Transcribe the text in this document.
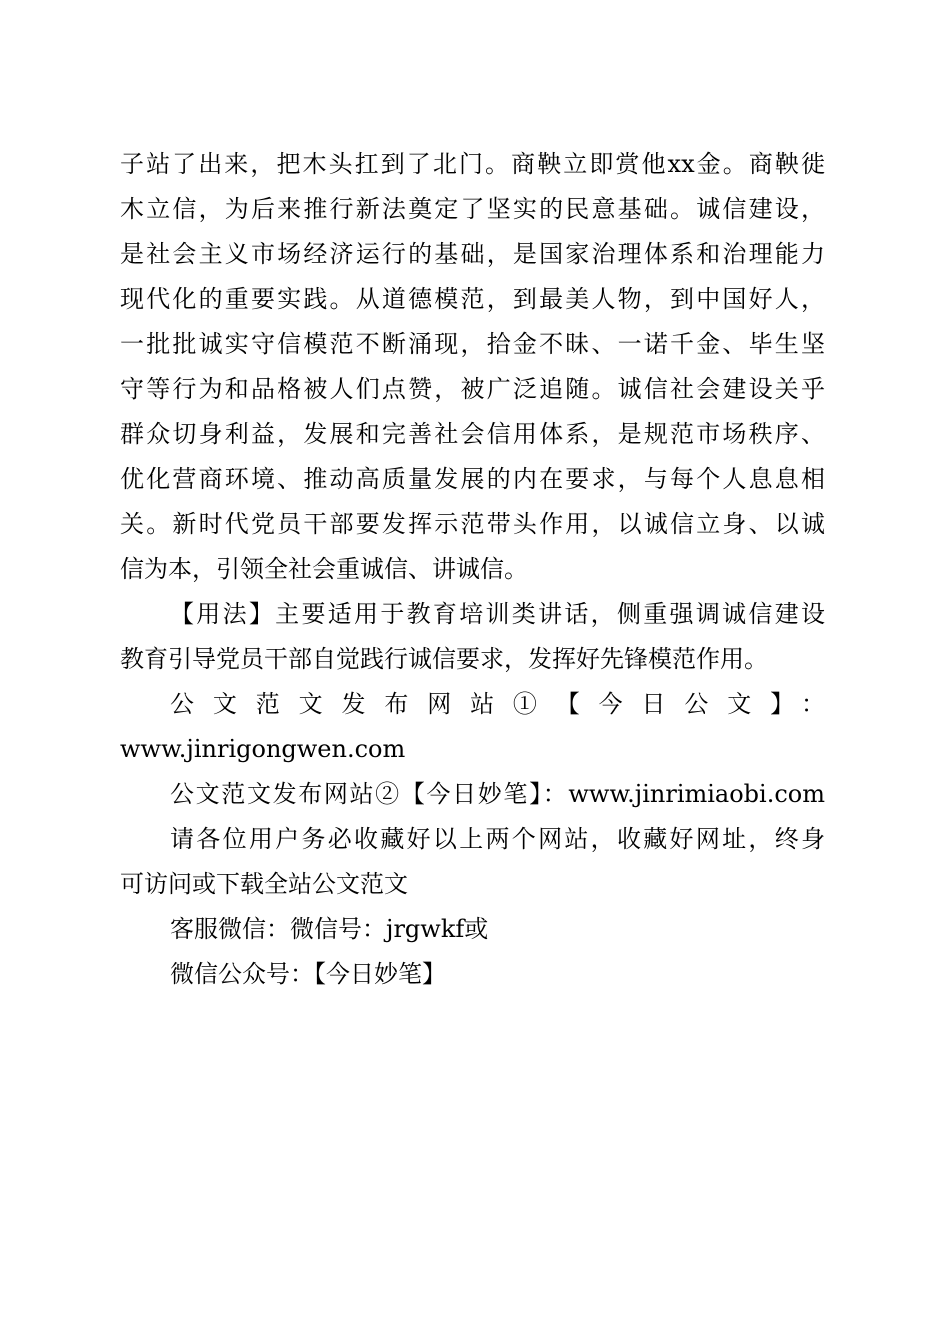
子站了出来，把木头扛到了北门。商鞅立即赏他xx金。商鞅徙
木立信，为后来推行新法奠定了坚实的民意基础。诚信建设，
是社会主义市场经济运行的基础，是国家治理体系和治理能力
现代化的重要实践。从道德模范，到最美人物，到中国好人，
一批批诚实守信模范不断涌现，拾金不昧、一诺千金、毕生坚
守等行为和品格被人们点赞，被广泛追随。诚信社会建设关乎
群众切身利益，发展和完善社会信用体系，是规范市场秩序、
优化营商环境、推动高质量发展的内在要求，与每个人息息相
关。新时代党员干部要发挥示范带头作用，以诚信立身、以诚
信为本，引领全社会重诚信、讲诚信。
【用法】主要适用于教育培训类讲话，侧重强调诚信建设
教育引导党员干部自觉践行诚信要求，发挥好先锋模范作用。
公文范文发布网站①【今日公文】：
www.jinrigongwen.com
公文范文发布网站②【今日妙笔】：www.jinrimiaobi.com
请各位用户务必收藏好以上两个网站，收藏好网址，终身
可访问或下载全站公文范文
客服微信：微信号：jrgwkf或
微信公众号：【今日妙笔】
